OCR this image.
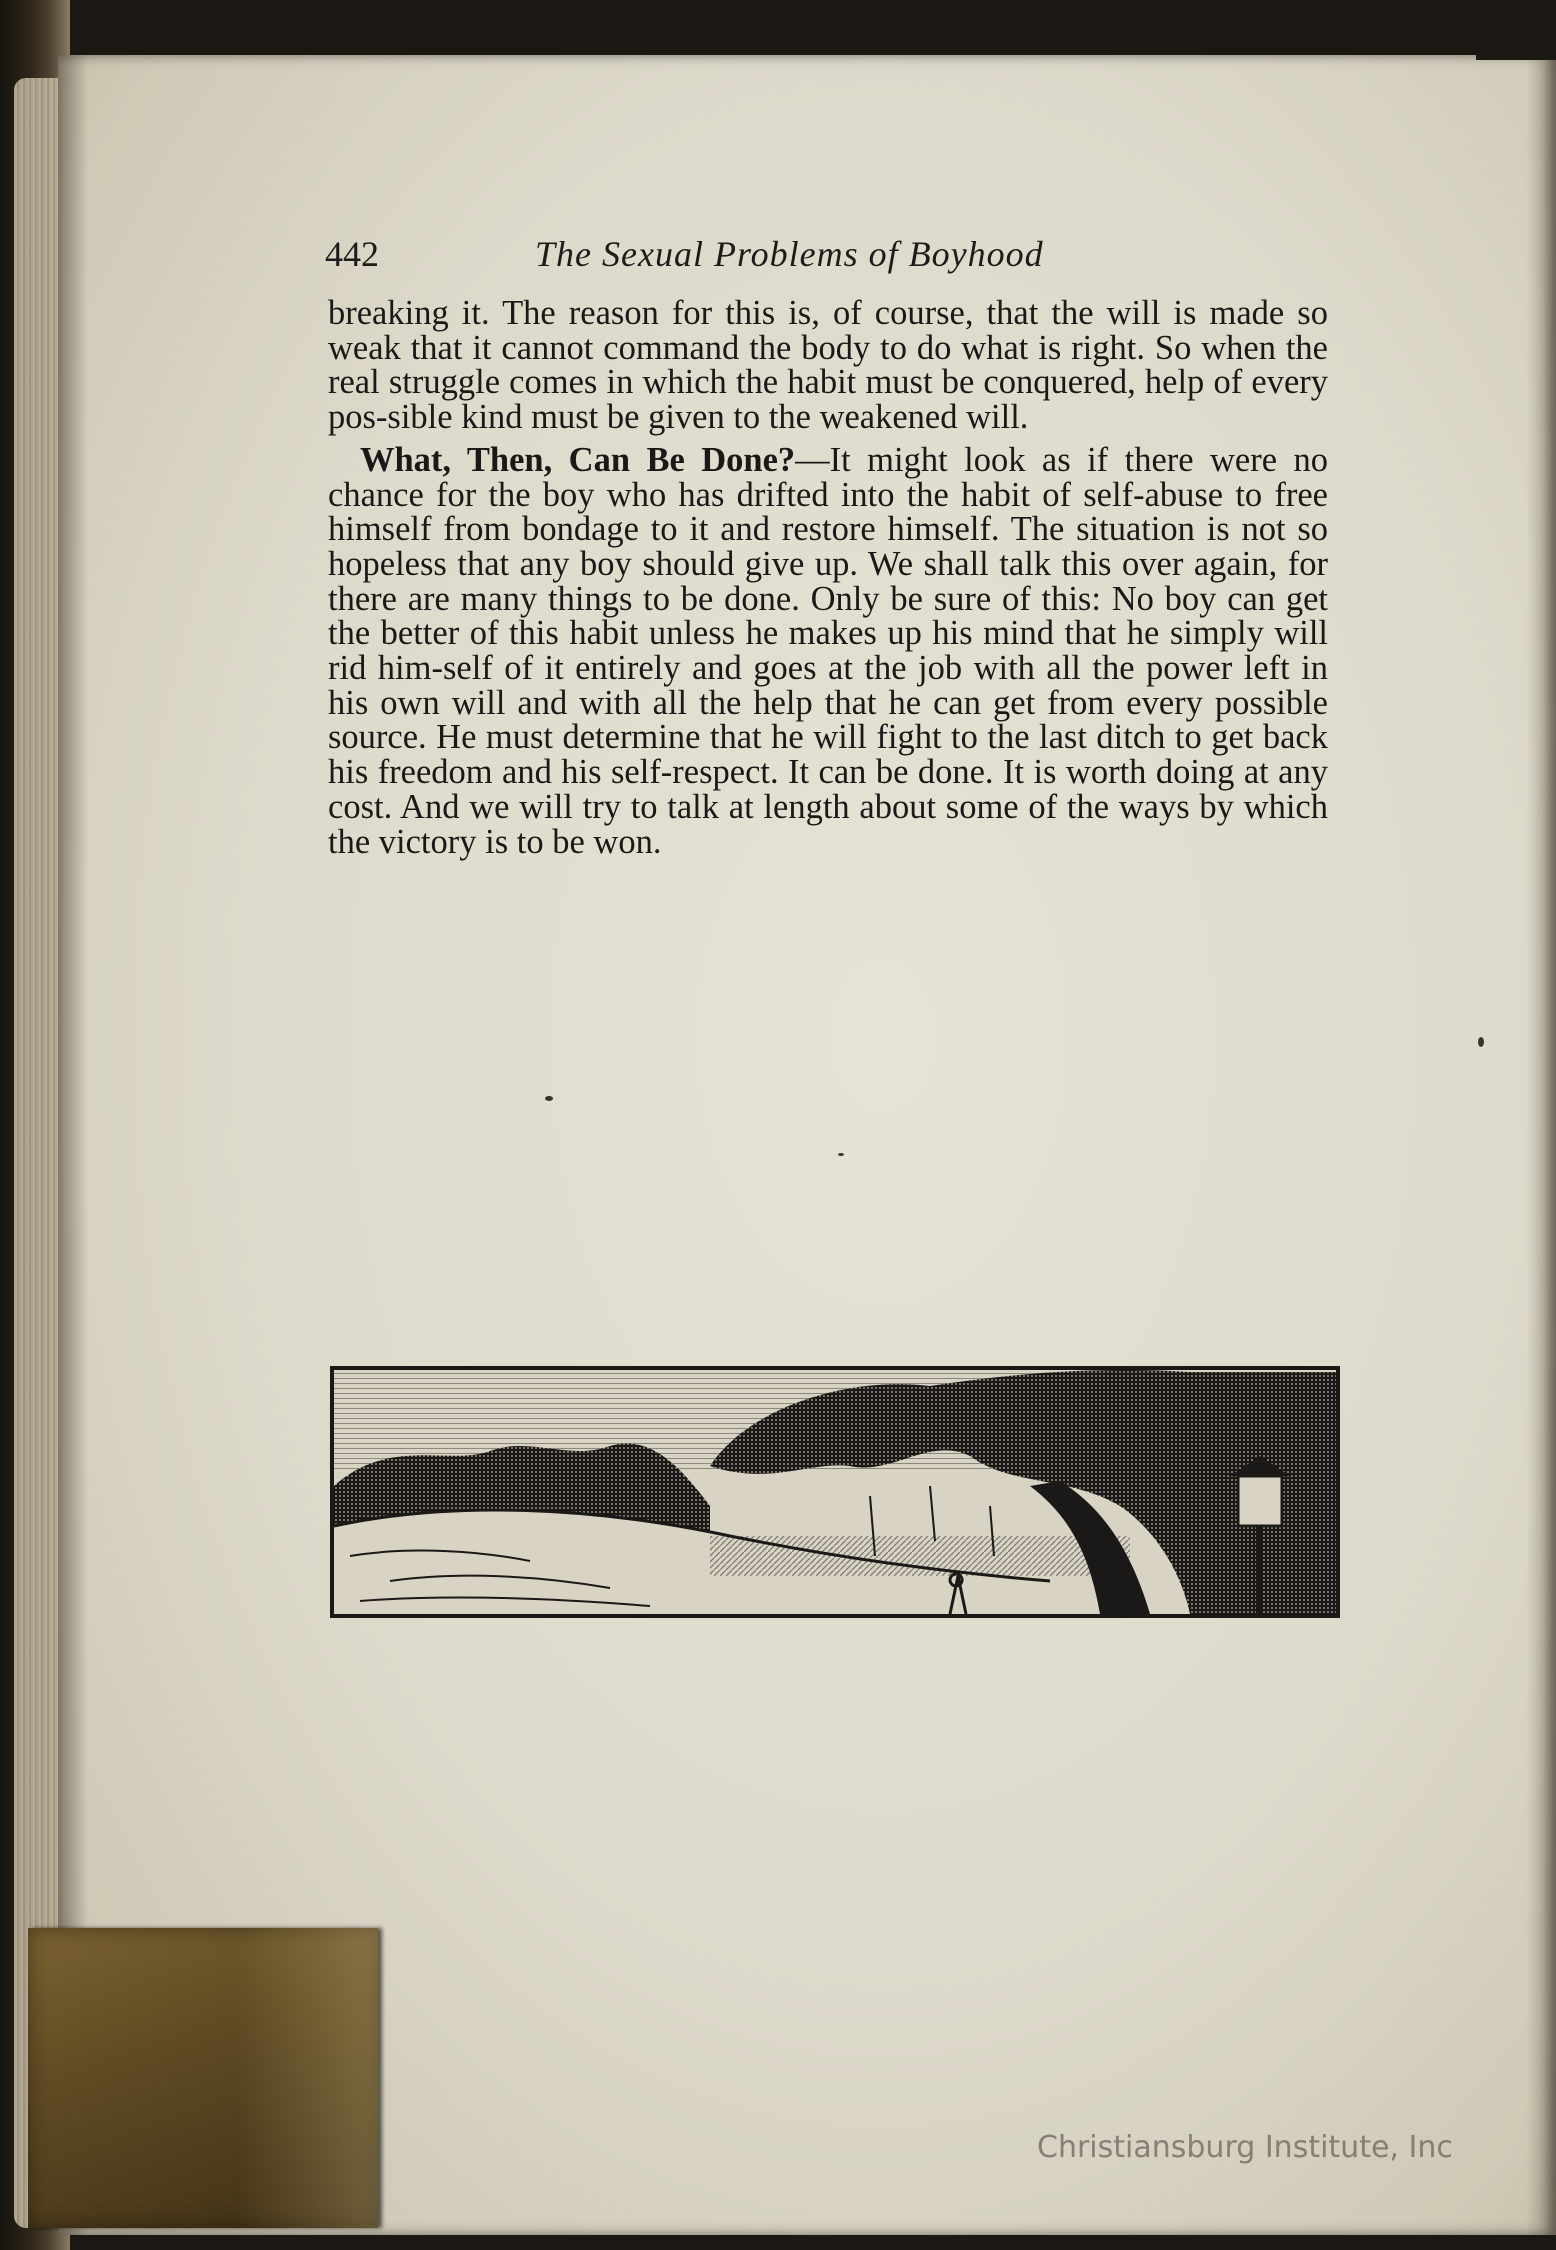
442	The Sexual Problems of Boyhood

breaking it. The reason for this is, of course, that the will is made so weak that it cannot command the body to do what is right. So when the real struggle comes in which the habit must be conquered, help of every pos-sible kind must be given to the weakened will.

What, Then, Can Be Done?—It might look as if there were no chance for the boy who has drifted into the habit of self-abuse to free himself from bondage to it and restore himself. The situation is not so hopeless that any boy should give up. We shall talk this over again, for there are many things to be done. Only be sure of this: No boy can get the better of this habit unless he makes up his mind that he simply will rid him-self of it entirely and goes at the job with all the power left in his own will and with all the help that he can get from every possible source. He must determine that he will fight to the last ditch to get back his freedom and his self-respect. It can be done. It is worth doing at any cost. And we will try to talk at length about some of the ways by which the victory is to be won.

Christiansburg Institute, Inc
